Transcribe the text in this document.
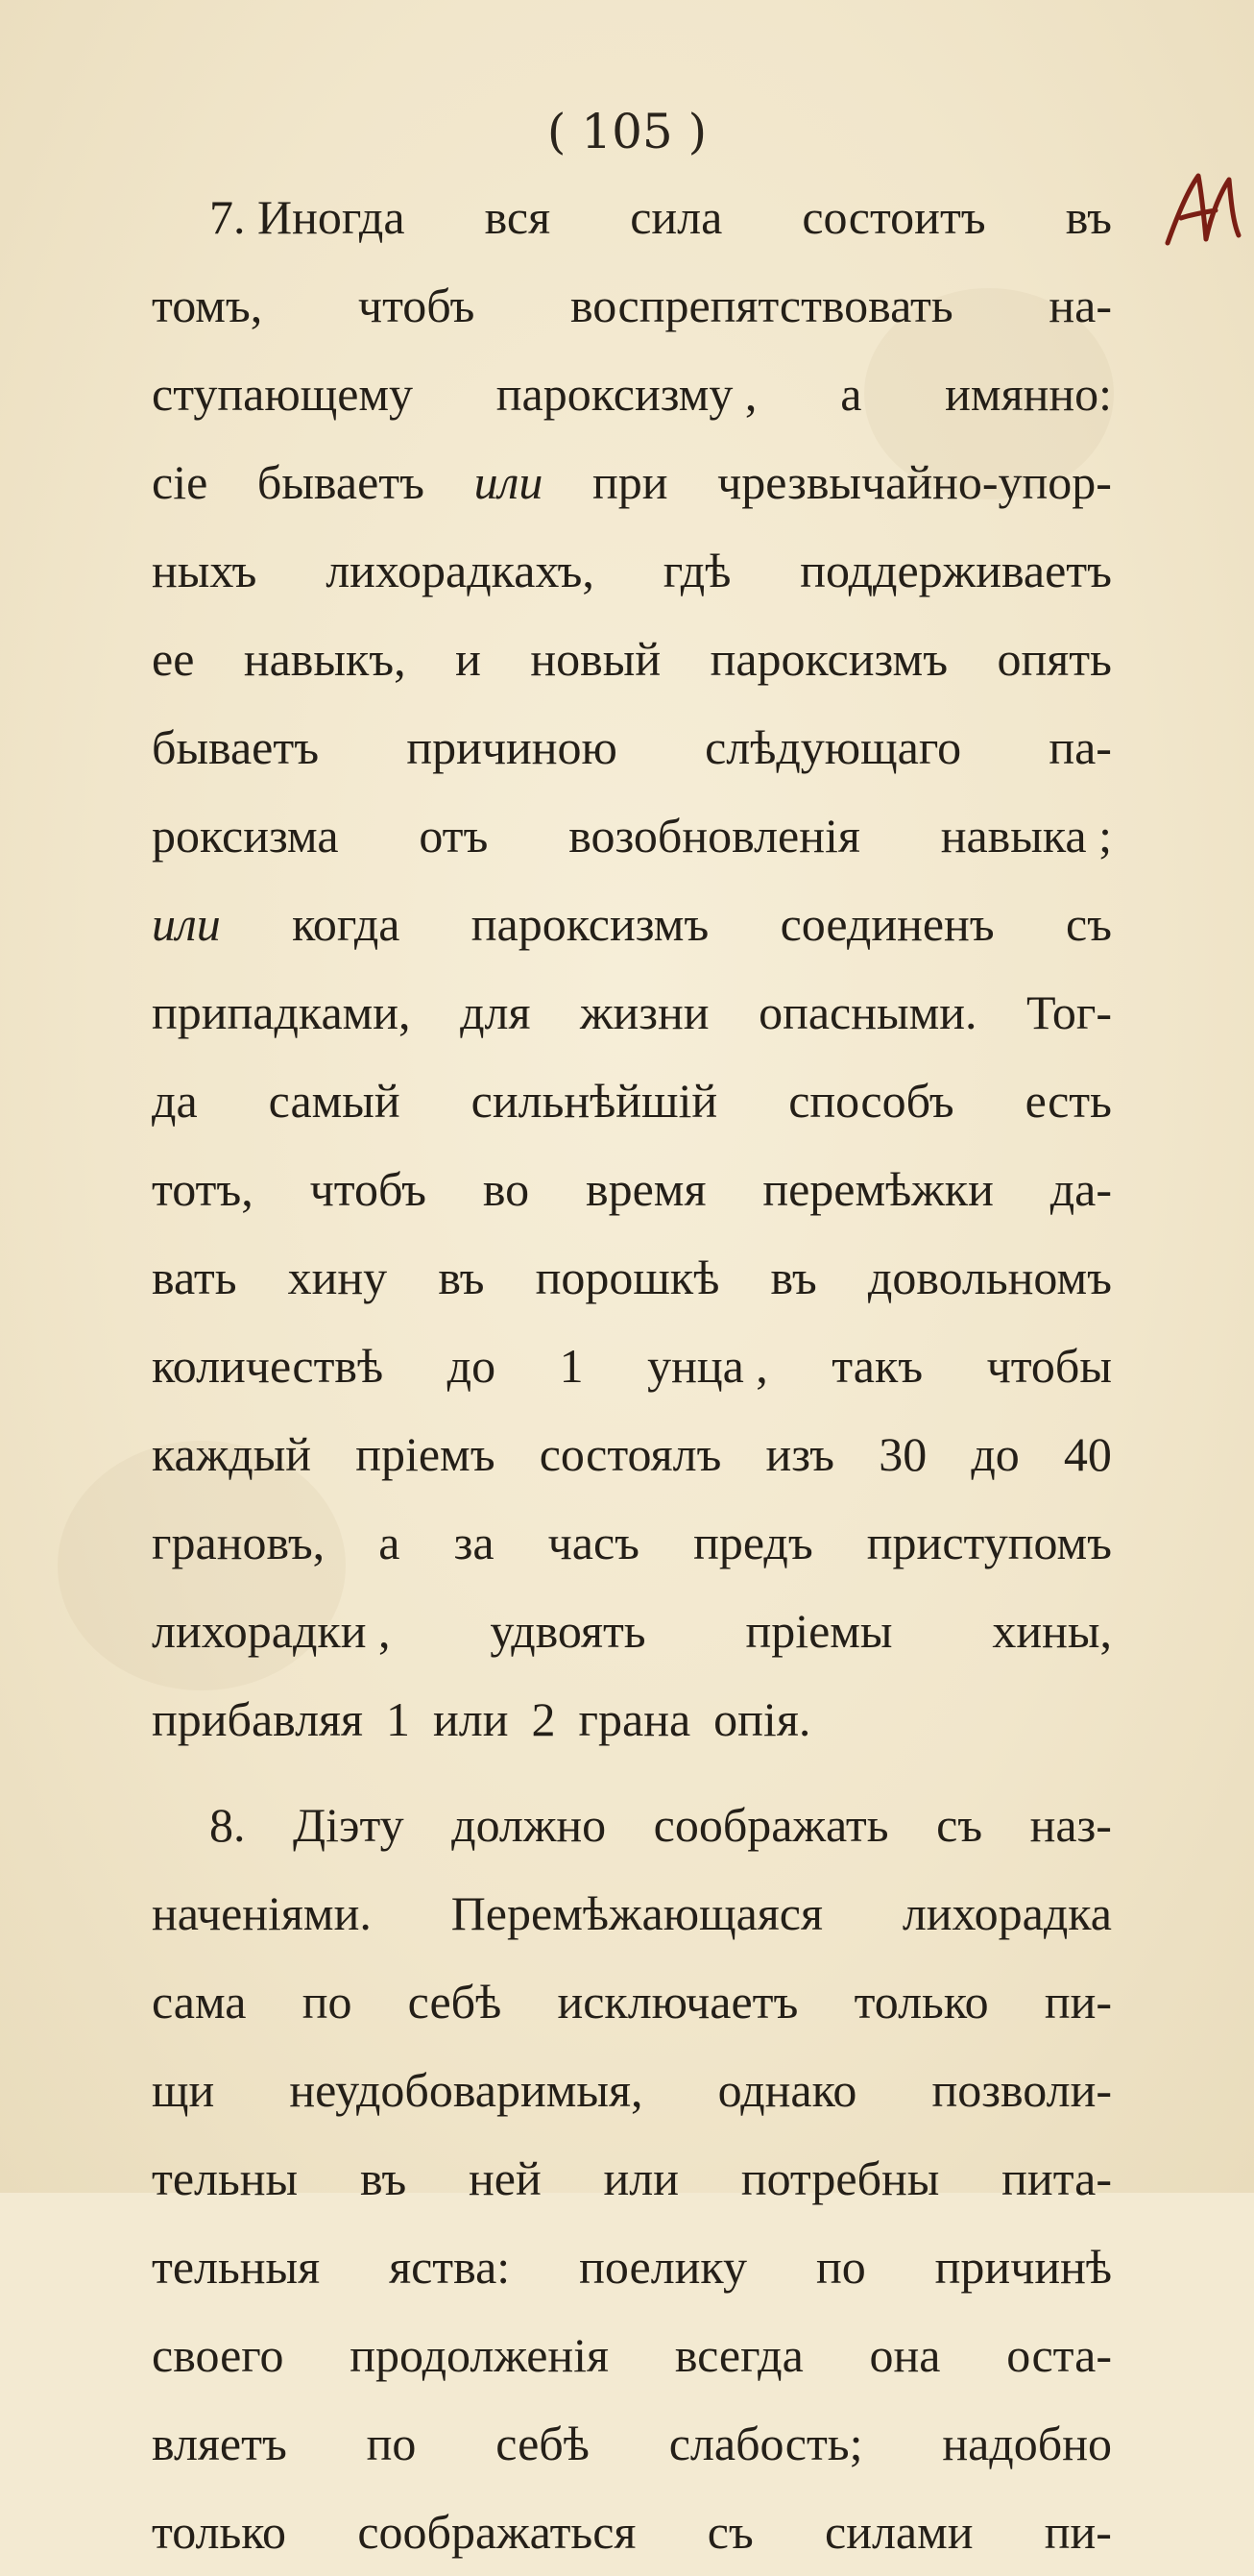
( 105 )
7. Иногда вся сила состоитъ въ
томъ, чтобъ воспрепятствовать на-
ступающему пароксизму , а имянно:
сіе бываетъ или при чрезвычайно-упор-
ныхъ лихорадкахъ, гдѣ поддерживаетъ
ее навыкъ, и новый пароксизмъ опять
бываетъ причиною слѣдующаго па-
роксизма отъ возобновленія навыка ;
или когда пароксизмъ соединенъ съ
припадками, для жизни опасными. Тог-
да самый сильнѣйшій способъ есть
тотъ, чтобъ во время перемѣжки да-
вать хину въ порошкѣ въ довольномъ
количествѣ до 1 унца , такъ чтобы
каждый пріемъ состоялъ изъ 30 до 40
грановъ, а за часъ предъ приступомъ
лихорадки , удвоять пріемы хины,
прибавляя 1 или 2 грана опія.
8. Діэту должно соображать съ наз-
наченіями. Перемѣжающаяся лихорадка
сама по себѣ исключаетъ только пи-
щи неудобоваримыя, однако позволи-
тельны въ ней или потребны пита-
тельныя яства: поелику по причинѣ
своего продолженія всегда она оста-
вляетъ по себѣ слабость; надобно
только соображаться съ силами пи-
